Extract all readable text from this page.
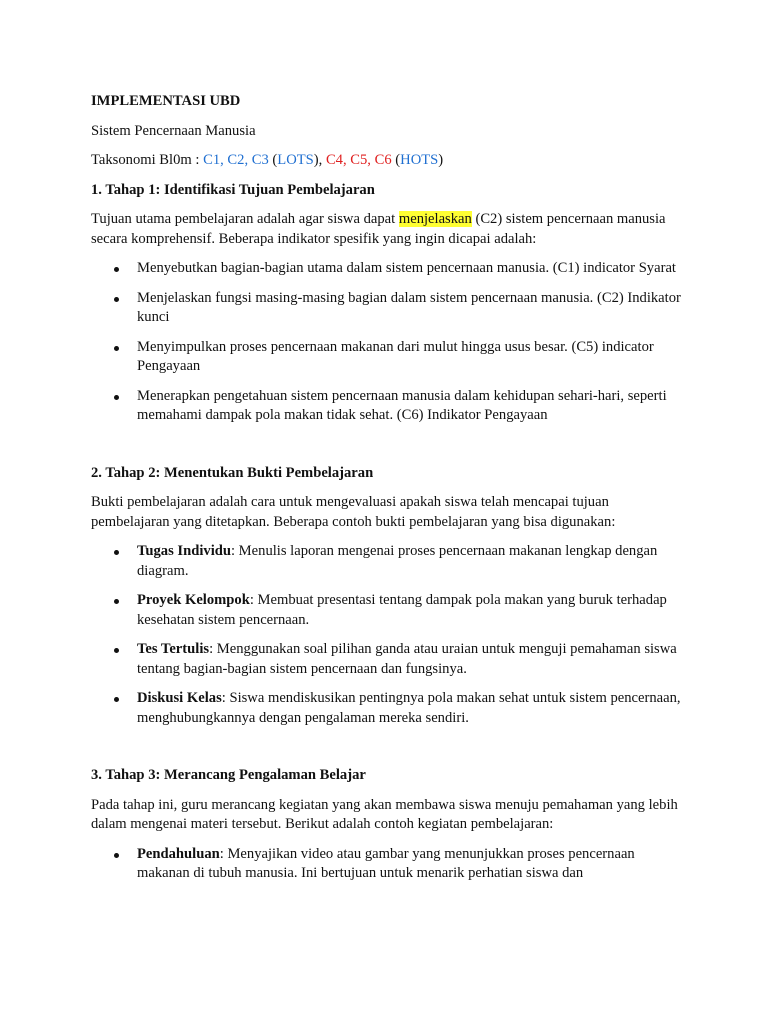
IMPLEMENTASI UBD
Sistem Pencernaan Manusia
Taksonomi Bl0m : C1, C2, C3 (LOTS), C4, C5, C6 (HOTS)
1. Tahap 1: Identifikasi Tujuan Pembelajaran
Tujuan utama pembelajaran adalah agar siswa dapat menjelaskan (C2) sistem pencernaan manusia secara komprehensif. Beberapa indikator spesifik yang ingin dicapai adalah:
Menyebutkan bagian-bagian utama dalam sistem pencernaan manusia. (C1) indicator Syarat
Menjelaskan fungsi masing-masing bagian dalam sistem pencernaan manusia. (C2) Indikator kunci
Menyimpulkan proses pencernaan makanan dari mulut hingga usus besar. (C5) indicator Pengayaan
Menerapkan pengetahuan sistem pencernaan manusia dalam kehidupan sehari-hari, seperti memahami dampak pola makan tidak sehat. (C6) Indikator Pengayaan
2. Tahap 2: Menentukan Bukti Pembelajaran
Bukti pembelajaran adalah cara untuk mengevaluasi apakah siswa telah mencapai tujuan pembelajaran yang ditetapkan. Beberapa contoh bukti pembelajaran yang bisa digunakan:
Tugas Individu: Menulis laporan mengenai proses pencernaan makanan lengkap dengan diagram.
Proyek Kelompok: Membuat presentasi tentang dampak pola makan yang buruk terhadap kesehatan sistem pencernaan.
Tes Tertulis: Menggunakan soal pilihan ganda atau uraian untuk menguji pemahaman siswa tentang bagian-bagian sistem pencernaan dan fungsinya.
Diskusi Kelas: Siswa mendiskusikan pentingnya pola makan sehat untuk sistem pencernaan, menghubungkannya dengan pengalaman mereka sendiri.
3. Tahap 3: Merancang Pengalaman Belajar
Pada tahap ini, guru merancang kegiatan yang akan membawa siswa menuju pemahaman yang lebih dalam mengenai materi tersebut. Berikut adalah contoh kegiatan pembelajaran:
Pendahuluan: Menyajikan video atau gambar yang menunjukkan proses pencernaan makanan di tubuh manusia. Ini bertujuan untuk menarik perhatian siswa dan
